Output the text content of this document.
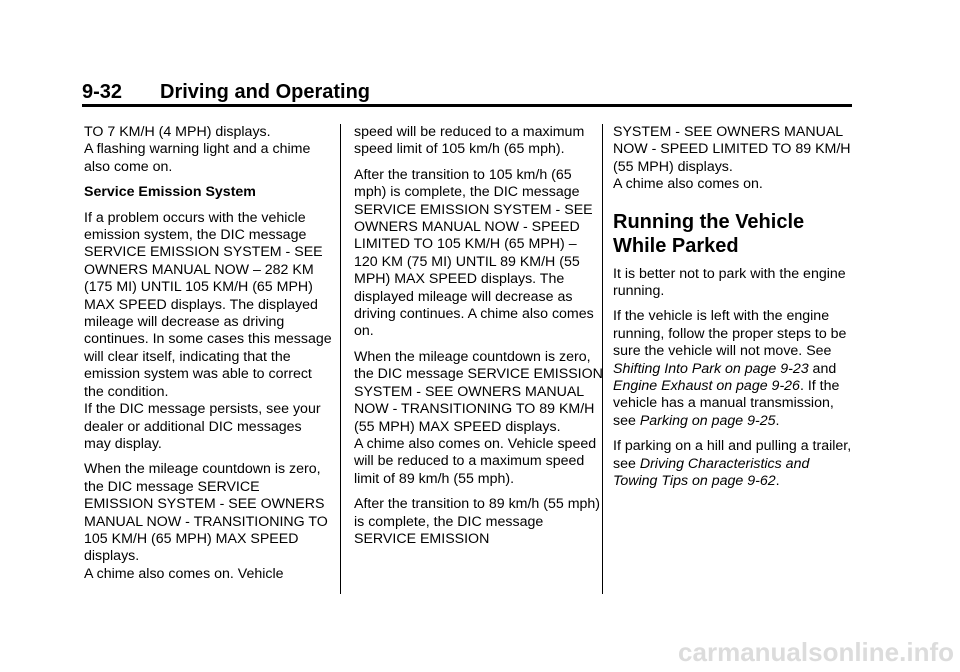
9-32 Driving and Operating

TO 7 KM/H (4 MPH) displays.

A flashing warning light and a chime also come on.

Service Emission System

If a problem occurs with the vehicle emission system, the DIC message SERVICE EMISSION SYSTEM - SEE OWNERS MANUAL NOW – 282 KM (175 MI) UNTIL 105 KM/H (65 MPH) MAX SPEED displays. The displayed mileage will decrease as driving continues. In some cases this message will clear itself, indicating that the emission system was able to correct the condition.

If the DIC message persists, see your dealer or additional DIC messages may display.

When the mileage countdown is zero, the DIC message SERVICE EMISSION SYSTEM - SEE OWNERS MANUAL NOW - TRANSITIONING TO 105 KM/H (65 MPH) MAX SPEED displays.

A chime also comes on. Vehicle

speed will be reduced to a maximum speed limit of 105 km/h (65 mph).

After the transition to 105 km/h (65 mph) is complete, the DIC message SERVICE EMISSION SYSTEM - SEE OWNERS MANUAL NOW - SPEED LIMITED TO 105 KM/H (65 MPH) – 120 KM (75 MI) UNTIL 89 KM/H (55 MPH) MAX SPEED displays. The displayed mileage will decrease as driving continues. A chime also comes on.

When the mileage countdown is zero, the DIC message SERVICE EMISSION SYSTEM - SEE OWNERS MANUAL NOW - TRANSITIONING TO 89 KM/H (55 MPH) MAX SPEED displays.

A chime also comes on. Vehicle speed will be reduced to a maximum speed limit of 89 km/h (55 mph).

After the transition to 89 km/h (55 mph) is complete, the DIC message SERVICE EMISSION

SYSTEM - SEE OWNERS MANUAL NOW - SPEED LIMITED TO 89 KM/H (55 MPH) displays.

A chime also comes on.

Running the Vehicle While Parked

It is better not to park with the engine running.

If the vehicle is left with the engine running, follow the proper steps to be sure the vehicle will not move. See Shifting Into Park on page 9-23 and Engine Exhaust on page 9-26. If the vehicle has a manual transmission, see Parking on page 9-25.

If parking on a hill and pulling a trailer, see Driving Characteristics and Towing Tips on page 9-62.

carmanualsonline.info
